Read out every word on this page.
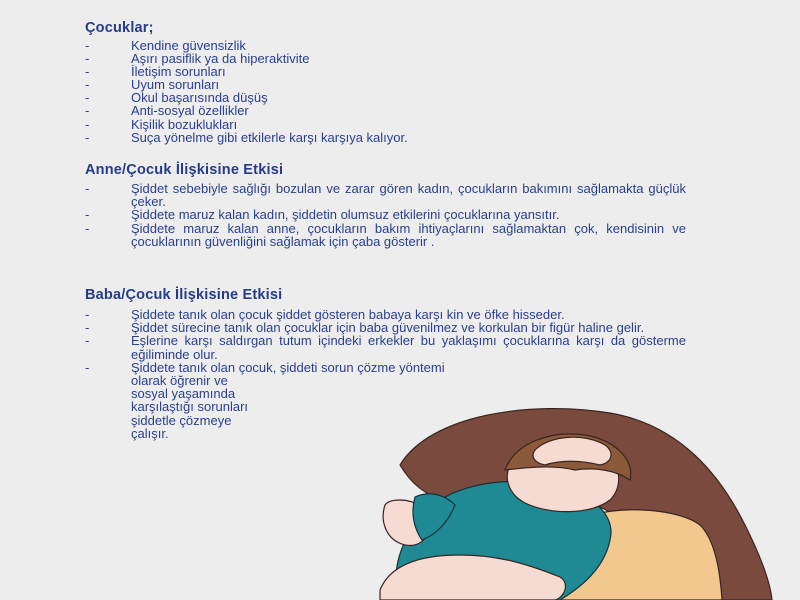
Çocuklar;
-	Kendine güvensizlik
-	Aşırı pasiflik ya da hiperaktivite
-	İletişim sorunları
-	Uyum sorunları
-	Okul başarısında düşüş
-	Anti-sosyal özellikler
-	Kişilik bozuklukları
-	Suça yönelme gibi etkilerle karşı karşıya kalıyor.
Anne/Çocuk İlişkisine Etkisi
-	Şiddet sebebiyle sağlığı bozulan ve zarar gören kadın, çocukların bakımını sağlamakta güçlük çeker.
-	Şiddete maruz kalan kadın, şiddetin olumsuz etkilerini çocuklarına yansıtır.
-	Şiddete maruz kalan anne, çocukların bakım ihtiyaçlarını sağlamaktan çok, kendisinin ve çocuklarının güvenliğini sağlamak için çaba gösterir .
Baba/Çocuk İlişkisine Etkisi
-	Şiddete tanık olan çocuk şiddet gösteren babaya karşı kin ve öfke hisseder.
-	Şiddet sürecine tanık olan çocuklar için baba güvenilmez ve korkulan bir figür haline gelir.
-	Eşlerine karşı saldırgan tutum içindeki erkekler bu yaklaşımı çocuklarına karşı da gösterme eğiliminde olur.
-	Şiddete tanık olan çocuk, şiddeti sorun çözme yöntemi
olarak öğrenir ve
sosyal yaşamında
karşılaştığı sorunları
şiddetle çözmeye
çalışır.
